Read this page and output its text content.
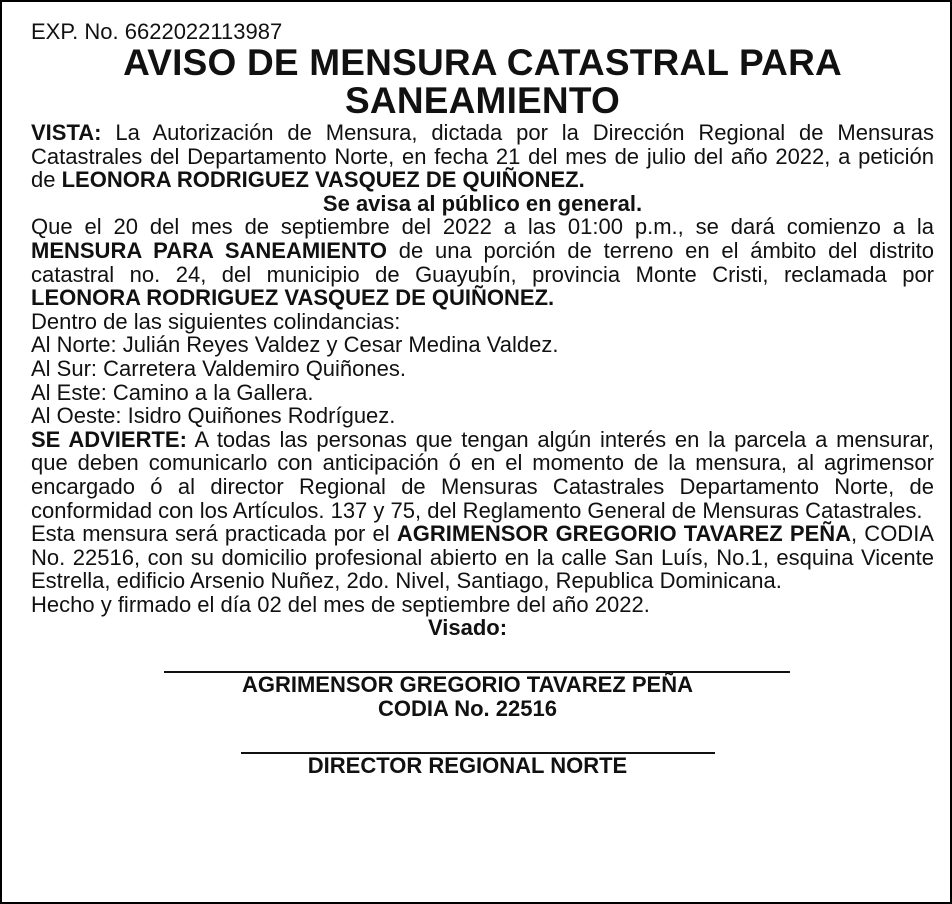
EXP. No. 6622022113987

AVISO DE MENSURA CATASTRAL PARA
SANEAMIENTO

VISTA: La Autorización de Mensura, dictada por la Dirección Regional de Mensuras Catastrales del Departamento Norte, en fecha 21 del mes de julio del año 2022, a petición de LEONORA RODRIGUEZ VASQUEZ DE QUIÑONEZ.

Se avisa al público en general.

Que el 20 del mes de septiembre del 2022 a las 01:00 p.m., se dará comienzo a la MENSURA PARA SANEAMIENTO de una porción de terreno en el ámbito del distrito catastral no. 24, del municipio de Guayubín, provincia Monte Cristi, reclamada por LEONORA RODRIGUEZ VASQUEZ DE QUIÑONEZ.

Dentro de las siguientes colindancias:

Al Norte: Julián Reyes Valdez y Cesar Medina Valdez.

Al Sur: Carretera Valdemiro Quiñones.

Al Este: Camino a la Gallera.

Al Oeste: Isidro Quiñones Rodríguez.

SE ADVIERTE: A todas las personas que tengan algún interés en la parcela a mensurar, que deben comunicarlo con anticipación ó en el momento de la mensura, al agrimensor encargado ó al director Regional de Mensuras Catastrales Departamento Norte, de conformidad con los Artículos. 137 y 75, del Reglamento General de Mensuras Catastrales.

Esta mensura será practicada por el AGRIMENSOR GREGORIO TAVAREZ PEÑA, CODIA No. 22516, con su domicilio profesional abierto en la calle San Luís, No.1, esquina Vicente Estrella, edificio Arsenio Nuñez, 2do. Nivel, Santiago, Republica Dominicana.

Hecho y firmado el día 02 del mes de septiembre del año 2022.

Visado:

AGRIMENSOR GREGORIO TAVAREZ PEÑA
CODIA No. 22516
DIRECTOR REGIONAL NORTE
